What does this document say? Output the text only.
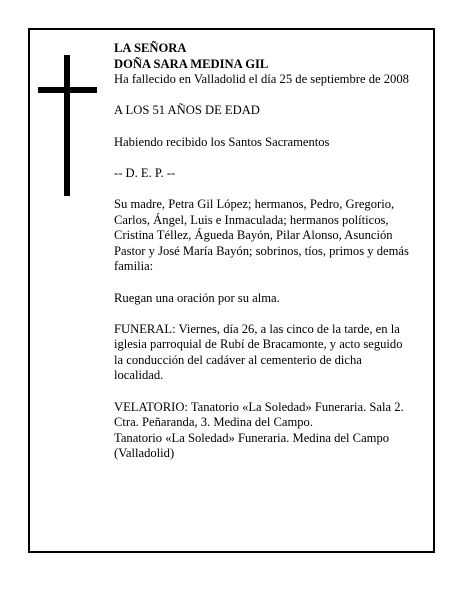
LA SEÑORA

DOÑA SARA MEDINA GIL

Ha fallecido en Valladolid el día 25 de septiembre de 2008

A LOS 51 AÑOS DE EDAD

Habiendo recibido los Santos Sacramentos

-- D. E. P. --

Su madre, Petra Gil López; hermanos, Pedro, Gregorio, Carlos, Ángel, Luis e Inmaculada; hermanos políticos, Cristina Téllez, Águeda Bayón, Pilar Alonso, Asunción Pastor y José María Bayón; sobrinos, tíos, primos y demás familia:

Ruegan una oración por su alma.

FUNERAL: Viernes, día 26, a las cinco de la tarde, en la iglesia parroquial de Rubí de Bracamonte, y acto seguido la conducción del cadáver al cementerio de dicha localidad.

VELATORIO: Tanatorio «La Soledad» Funeraria. Sala 2. Ctra. Peñaranda, 3. Medina del Campo.

Tanatorio «La Soledad» Funeraria. Medina del Campo (Valladolid)
